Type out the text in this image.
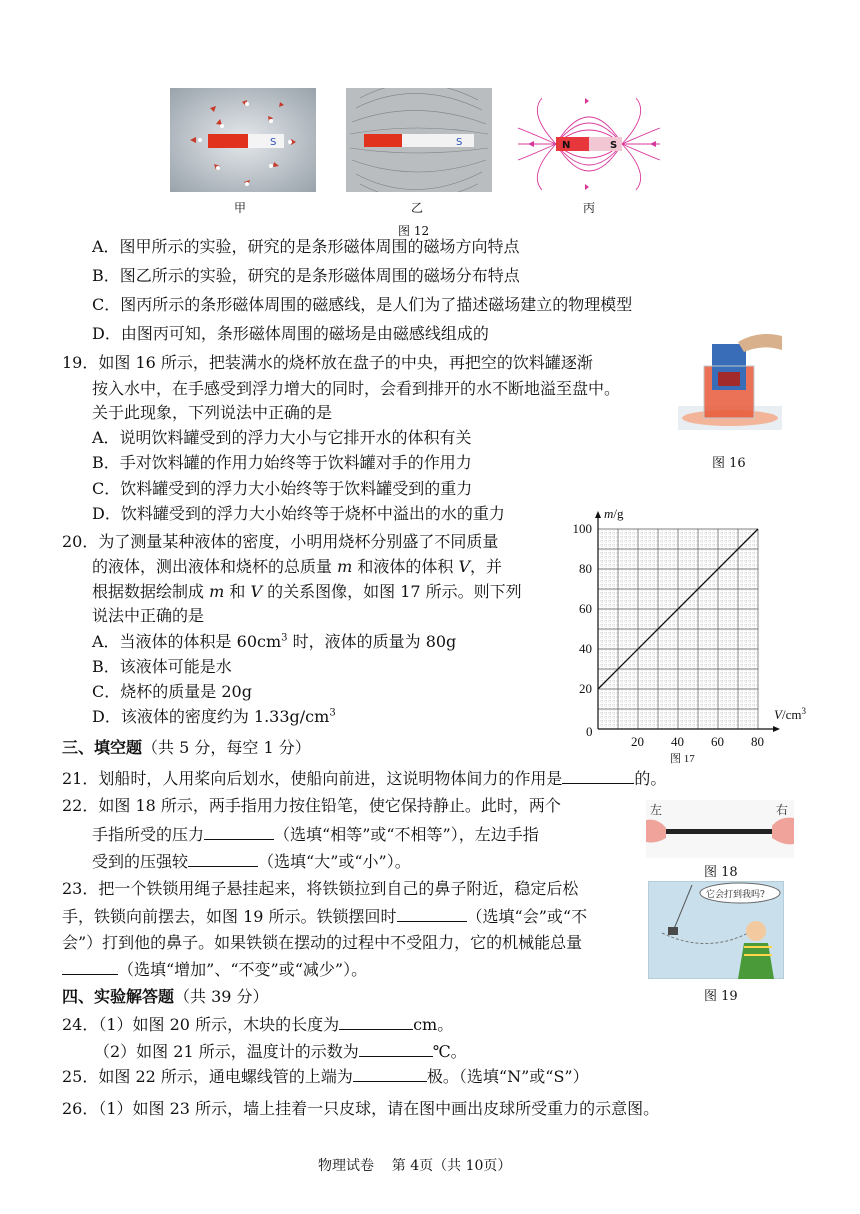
S	S	N	S
甲	乙	丙
图 12
A．图甲所示的实验，研究的是条形磁体周围的磁场方向特点
B．图乙所示的实验，研究的是条形磁体周围的磁场分布特点
C．图丙所示的条形磁体周围的磁感线，是人们为了描述磁场建立的物理模型
D．由图丙可知，条形磁体周围的磁场是由磁感线组成的
19．如图 16 所示，把装满水的烧杯放在盘子的中央，再把空的饮料罐逐渐
按入水中，在手感受到浮力增大的同时，会看到排开的水不断地溢至盘中。
关于此现象，下列说法中正确的是
A．说明饮料罐受到的浮力大小与它排开水的体积有关
B．手对饮料罐的作用力始终等于饮料罐对手的作用力
C．饮料罐受到的浮力大小始终等于饮料罐受到的重力
D．饮料罐受到的浮力大小始终等于烧杯中溢出的水的重力
图 16
20．为了测量某种液体的密度，小明用烧杯分别盛了不同质量
的液体，测出液体和烧杯的总质量 m 和液体的体积 V，并
根据数据绘制成 m 和 V 的关系图像，如图 17 所示。则下列
说法中正确的是
A．当液体的体积是 $60cm^3$ 时，液体的质量为 80g
B．该液体可能是水
C．烧杯的质量是 20g
D．该液体的密度约为 $1.33g/cm^3$
20 40 60 80
20
40
60
80
100
m/g
$V/cm^3$
0
图 17
三、填空题（共 5 分，每空 1 分）
21．划船时，人用桨向后划水，使船向前进，这说明物体间力的作用是	的。
22．如图 18 所示，两手指用力按住铅笔，使它保持静止。此时，两个
手指所受的压力	（选填“相等”或“不相等”），左边手指
受到的压强较	（选填“大”或“小”）。
左	右
图 18
23．把一个铁锁用绳子悬挂起来，将铁锁拉到自己的鼻子附近，稳定后松
手，铁锁向前摆去，如图 19 所示。铁锁摆回时	（选填“会”或“不
会”）打到他的鼻子。如果铁锁在摆动的过程中不受阻力，它的机械能总量
（选填“增加”、“不变”或“减少”）。
它会打到我吗?
图 19
四、实验解答题（共 39 分）
24．（1）如图 20 所示，木块的长度为	cm。
（2）如图 21 所示，温度计的示数为	℃。
25．如图 22 所示，通电螺线管的上端为	极。（选填“N”或“S”）
26．（1）如图 23 所示，墙上挂着一只皮球，请在图中画出皮球所受重力的示意图。
物理试卷    第 4页（共 10页）
